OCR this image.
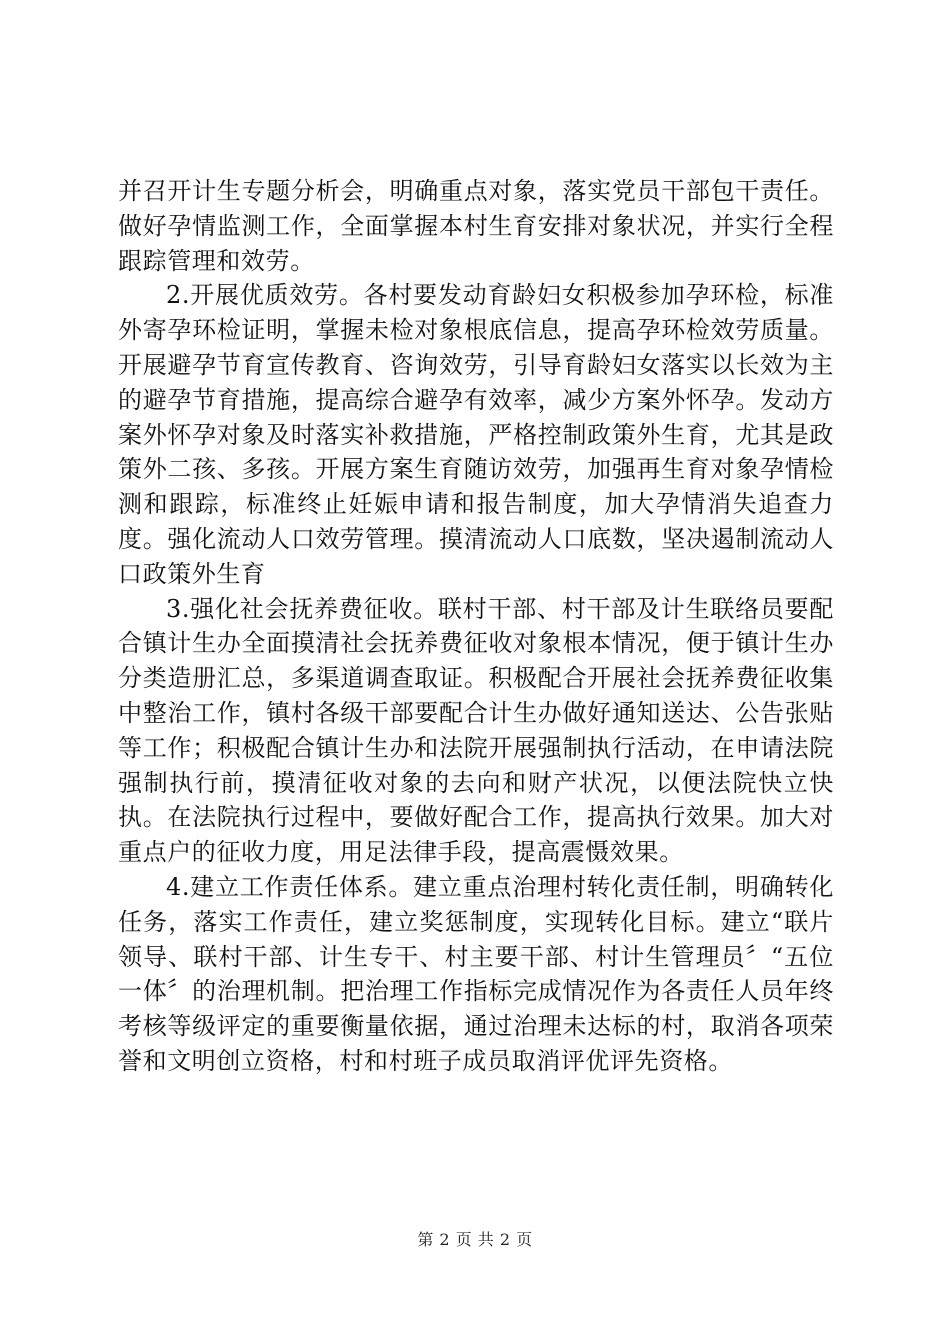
并召开计生专题分析会，明确重点对象，落实党员干部包干责任。做好孕情监测工作，全面掌握本村生育安排对象状况，并实行全程跟踪管理和效劳。

2.开展优质效劳。各村要发动育龄妇女积极参加孕环检，标准外寄孕环检证明，掌握未检对象根底信息，提高孕环检效劳质量。开展避孕节育宣传教育、咨询效劳，引导育龄妇女落实以长效为主的避孕节育措施，提高综合避孕有效率，减少方案外怀孕。发动方案外怀孕对象及时落实补救措施，严格控制政策外生育，尤其是政策外二孩、多孩。开展方案生育随访效劳，加强再生育对象孕情检测和跟踪，标准终止妊娠申请和报告制度，加大孕情消失追查力度。强化流动人口效劳管理。摸清流动人口底数，坚决遏制流动人口政策外生育

3.强化社会抚养费征收。联村干部、村干部及计生联络员要配合镇计生办全面摸清社会抚养费征收对象根本情况，便于镇计生办分类造册汇总，多渠道调查取证。积极配合开展社会抚养费征收集中整治工作，镇村各级干部要配合计生办做好通知送达、公告张贴等工作；积极配合镇计生办和法院开展强制执行活动，在申请法院强制执行前，摸清征收对象的去向和财产状况，以便法院快立快执。在法院执行过程中，要做好配合工作，提高执行效果。加大对重点户的征收力度，用足法律手段，提高震慑效果。

4.建立工作责任体系。建立重点治理村转化责任制，明确转化任务，落实工作责任，建立奖惩制度，实现转化目标。建立“联片领导、联村干部、计生专干、村主要干部、村计生管理员〞“五位一体〞的治理机制。把治理工作指标完成情况作为各责任人员年终考核等级评定的重要衡量依据，通过治理未达标的村，取消各项荣誉和文明创立资格，村和村班子成员取消评优评先资格。

第 2 页 共 2 页
